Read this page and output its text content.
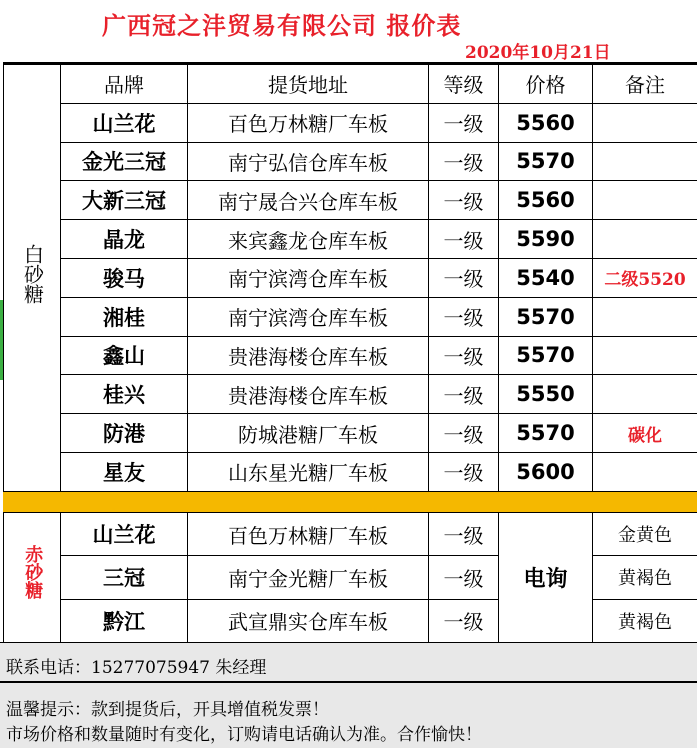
广西冠之沣贸易有限公司 报价表
2020年10月21日
白砂糖	品牌	提货地址	等级	价格	备注
	山兰花	百色万林糖厂车板	一级	5560	
	金光三冠	南宁弘信仓库车板	一级	5570	
	大新三冠	南宁晟合兴仓库车板	一级	5560	
	晶龙	来宾鑫龙仓库车板	一级	5590	
	骏马	南宁滨湾仓库车板	一级	5540	二级5520
	湘桂	南宁滨湾仓库车板	一级	5570	
	鑫山	贵港海楼仓库车板	一级	5570	
	桂兴	贵港海楼仓库车板	一级	5550	
	防港	防城港糖厂车板	一级	5570	碳化
	星友	山东星光糖厂车板	一级	5600	
赤砂糖	山兰花	百色万林糖厂车板	一级	电询	金黄色
	三冠	南宁金光糖厂车板	一级		黄褐色
	黔江	武宣鼎实仓库车板	一级		黄褐色
联系电话：15277075947 朱经理
温馨提示：款到提货后，开具增值税发票！
市场价格和数量随时有变化，订购请电话确认为准。合作愉快！
